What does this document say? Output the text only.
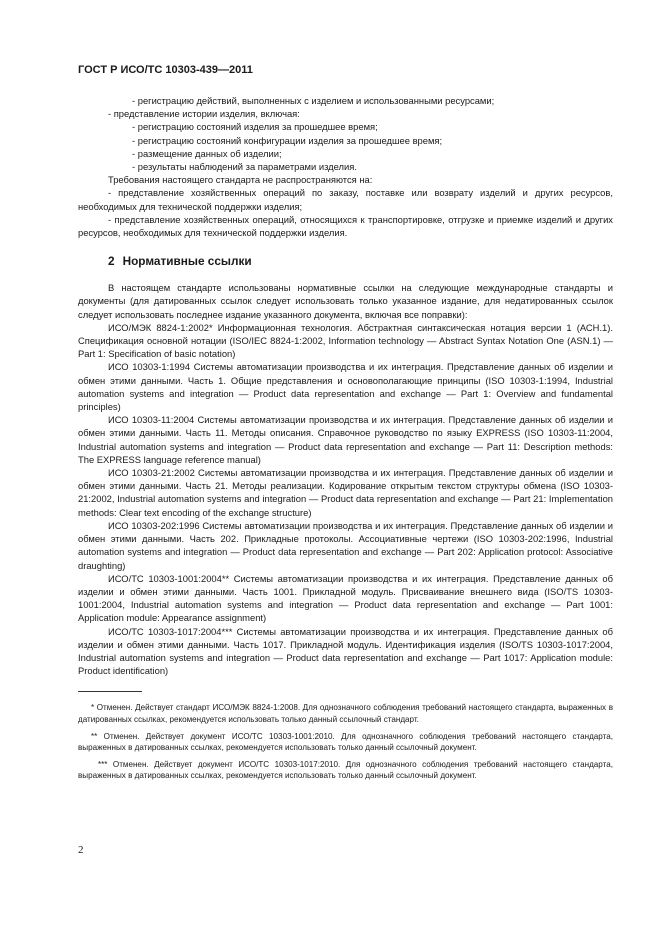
ГОСТ Р ИСО/ТС 10303-439—2011

- регистрацию действий, выполненных с изделием и использованными ресурсами;

- представление истории изделия, включая:

- регистрацию состояний изделия за прошедшее время;

- регистрацию состояний конфигурации изделия за прошедшее время;

- размещение данных об изделии;

- результаты наблюдений за параметрами изделия.

Требования настоящего стандарта не распространяются на:

- представление хозяйственных операций по заказу, поставке или возврату изделий и других ресурсов, необходимых для технической поддержки изделия;

- представление хозяйственных операций, относящихся к транспортировке, отгрузке и приемке изделий и других ресурсов, необходимых для технической поддержки изделия.

2 Нормативные ссылки

В настоящем стандарте использованы нормативные ссылки на следующие международные стандарты и документы (для датированных ссылок следует использовать только указанное издание, для недатированных ссылок следует использовать последнее издание указанного документа, включая все поправки):

ИСО/МЭК 8824-1:2002* Информационная технология. Абстрактная синтаксическая нотация версии 1 (АСН.1). Спецификация основной нотации (ISO/IEC 8824-1:2002, Information technology — Abstract Syntax Notation One (ASN.1) — Part 1: Specification of basic notation)

ИСО 10303-1:1994 Системы автоматизации производства и их интеграция. Представление данных об изделии и обмен этими данными. Часть 1. Общие представления и основополагающие принципы (ISO 10303-1:1994, Industrial automation systems and integration — Product data representation and exchange — Part 1: Overview and fundamental principles)

ИСО 10303-11:2004 Системы автоматизации производства и их интеграция. Представление данных об изделии и обмен этими данными. Часть 11. Методы описания. Справочное руководство по языку EXPRESS (ISO 10303-11:2004, Industrial automation systems and integration — Product data representation and exchange — Part 11: Description methods: The EXPRESS language reference manual)

ИСО 10303-21:2002 Системы автоматизации производства и их интеграция. Представление данных об изделии и обмен этими данными. Часть 21. Методы реализации. Кодирование открытым текстом структуры обмена (ISO 10303-21:2002, Industrial automation systems and integration — Product data representation and exchange — Part 21: Implementation methods: Clear text encoding of the exchange structure)

ИСО 10303-202:1996 Системы автоматизации производства и их интеграция. Представление данных об изделии и обмен этими данными. Часть 202. Прикладные протоколы. Ассоциативные чертежи (ISO 10303-202:1996, Industrial automation systems and integration — Product data representation and exchange — Part 202: Application protocol: Associative draughting)

ИСО/ТС 10303-1001:2004** Системы автоматизации производства и их интеграция. Представление данных об изделии и обмен этими данными. Часть 1001. Прикладной модуль. Присваивание внешнего вида (ISO/TS 10303-1001:2004, Industrial automation systems and integration — Product data representation and exchange — Part 1001: Application module: Appearance assignment)

ИСО/ТС 10303-1017:2004*** Системы автоматизации производства и их интеграция. Представление данных об изделии и обмен этими данными. Часть 1017. Прикладной модуль. Идентификация изделия (ISO/TS 10303-1017:2004, Industrial automation systems and integration — Product data representation and exchange — Part 1017: Application module: Product identification)

* Отменен. Действует стандарт ИСО/МЭК 8824-1:2008. Для однозначного соблюдения требований настоящего стандарта, выраженных в датированных ссылках, рекомендуется использовать только данный ссылочный стандарт.

** Отменен. Действует документ ИСО/ТС 10303-1001:2010. Для однозначного соблюдения требований настоящего стандарта, выраженных в датированных ссылках, рекомендуется использовать только данный ссылочный документ.

*** Отменен. Действует документ ИСО/ТС 10303-1017:2010. Для однозначного соблюдения требований настоящего стандарта, выраженных в датированных ссылках, рекомендуется использовать только данный ссылочный документ.

2
